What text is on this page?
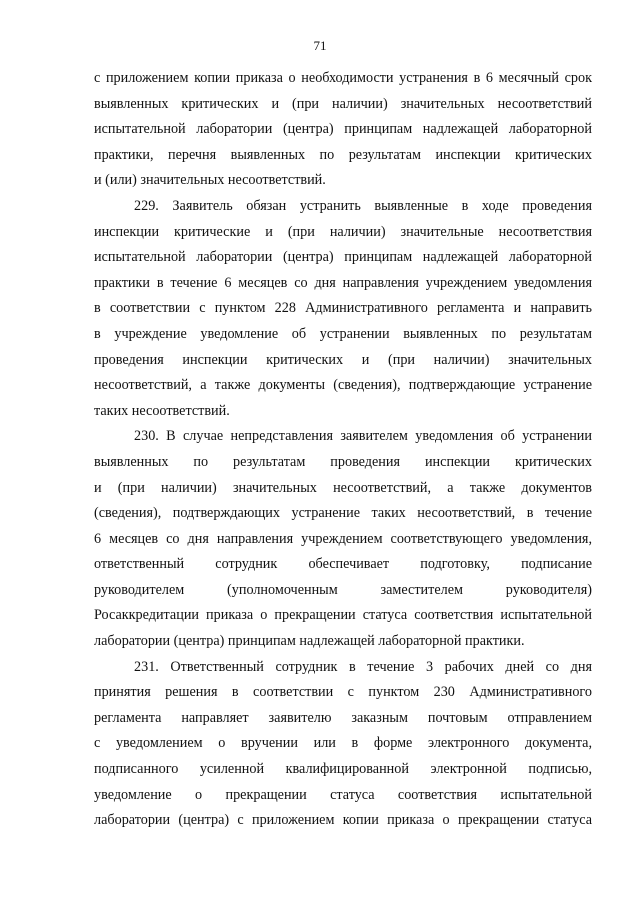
71
с приложением копии приказа о необходимости устранения в 6 месячный срок
выявленных критических и (при наличии) значительных несоответствий
испытательной лаборатории (центра) принципам надлежащей лабораторной
практики, перечня выявленных по результатам инспекции критических
и (или) значительных несоответствий.
229. Заявитель обязан устранить выявленные в ходе проведения
инспекции критические и (при наличии) значительные несоответствия
испытательной лаборатории (центра) принципам надлежащей лабораторной
практики в течение 6 месяцев со дня направления учреждением уведомления
в соответствии с пунктом 228 Административного регламента и направить
в учреждение уведомление об устранении выявленных по результатам
проведения инспекции критических и (при наличии) значительных
несоответствий, а также документы (сведения), подтверждающие устранение
таких несоответствий.
230. В случае непредставления заявителем уведомления об устранении
выявленных по результатам проведения инспекции критических
и (при наличии) значительных несоответствий, а также документов
(сведения), подтверждающих устранение таких несоответствий, в течение
6 месяцев со дня направления учреждением соответствующего уведомления,
ответственный сотрудник обеспечивает подготовку, подписание
руководителем (уполномоченным заместителем руководителя)
Росаккредитации приказа о прекращении статуса соответствия испытательной
лаборатории (центра) принципам надлежащей лабораторной практики.
231. Ответственный сотрудник в течение 3 рабочих дней со дня
принятия решения в соответствии с пунктом 230 Административного
регламента направляет заявителю заказным почтовым отправлением
с уведомлением о вручении или в форме электронного документа,
подписанного усиленной квалифицированной электронной подписью,
уведомление о прекращении статуса соответствия испытательной
лаборатории (центра) с приложением копии приказа о прекращении статуса
